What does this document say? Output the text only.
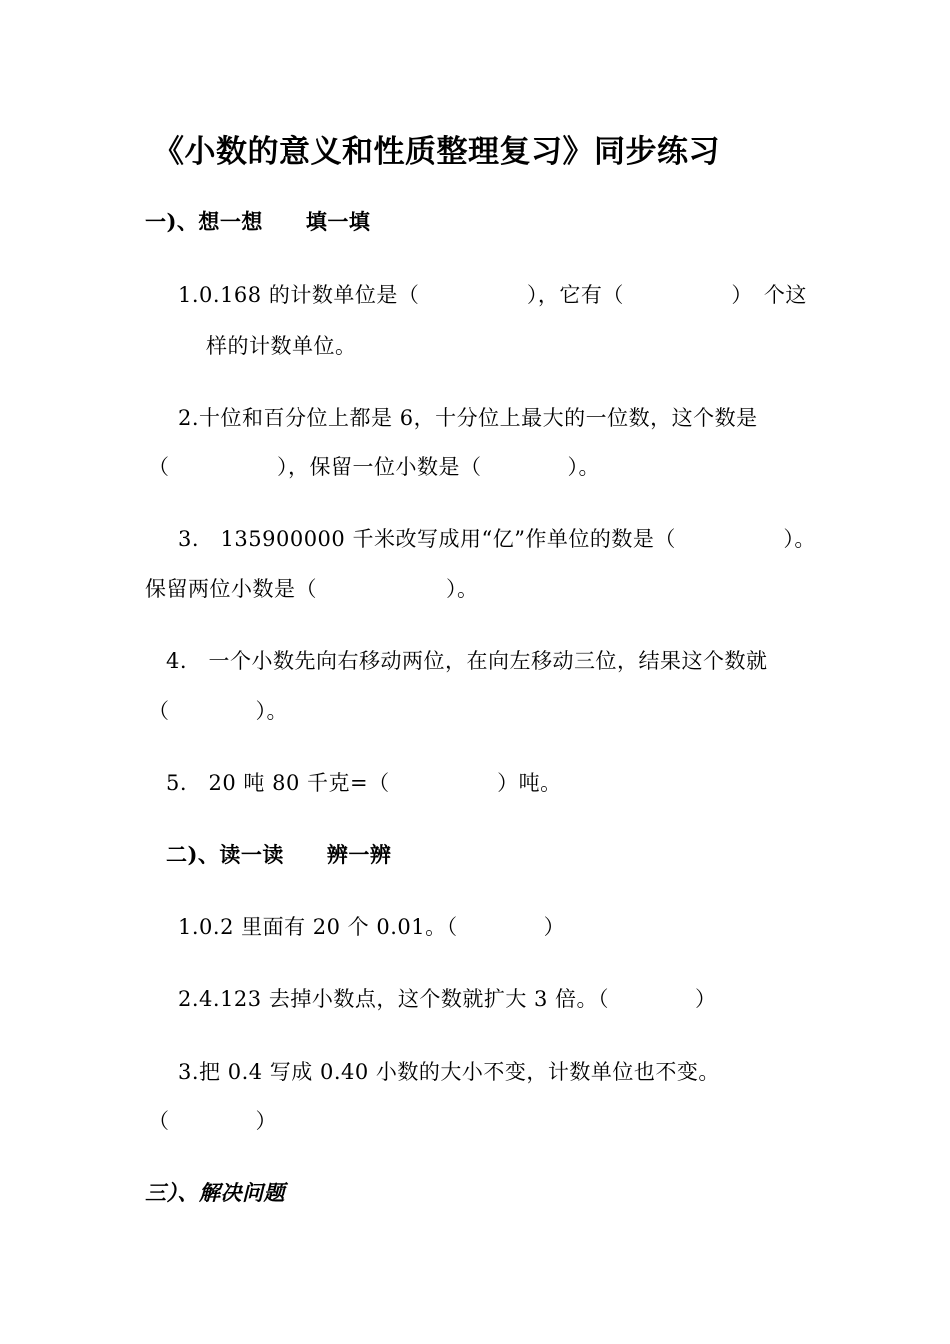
《小数的意义和性质整理复习》同步练习
一)、想一想　　填一填
1.0.168 的计数单位是（　　　　　），它有（　　　　　）　个这
样的计数单位。
2.十位和百分位上都是 6，十分位上最大的一位数，这个数是
（　　　　　），保留一位小数是（　　　　）。
3.　135900000 千米改写成用“亿”作单位的数是（　　　　　）。
保留两位小数是（　　　　　　）。
4.　一个小数先向右移动两位，在向左移动三位，结果这个数就
（　　　　）。
5.　20 吨 80 千克=（　　　　　）吨。
二)、读一读　　辨一辨
1.0.2 里面有 20 个 0.01。（　　　　）
2.4.123 去掉小数点，这个数就扩大 3 倍。（　　　　）
3.把 0.4 写成 0.40 小数的大小不变，计数单位也不变。
（　　　　）
三）、解决问题
